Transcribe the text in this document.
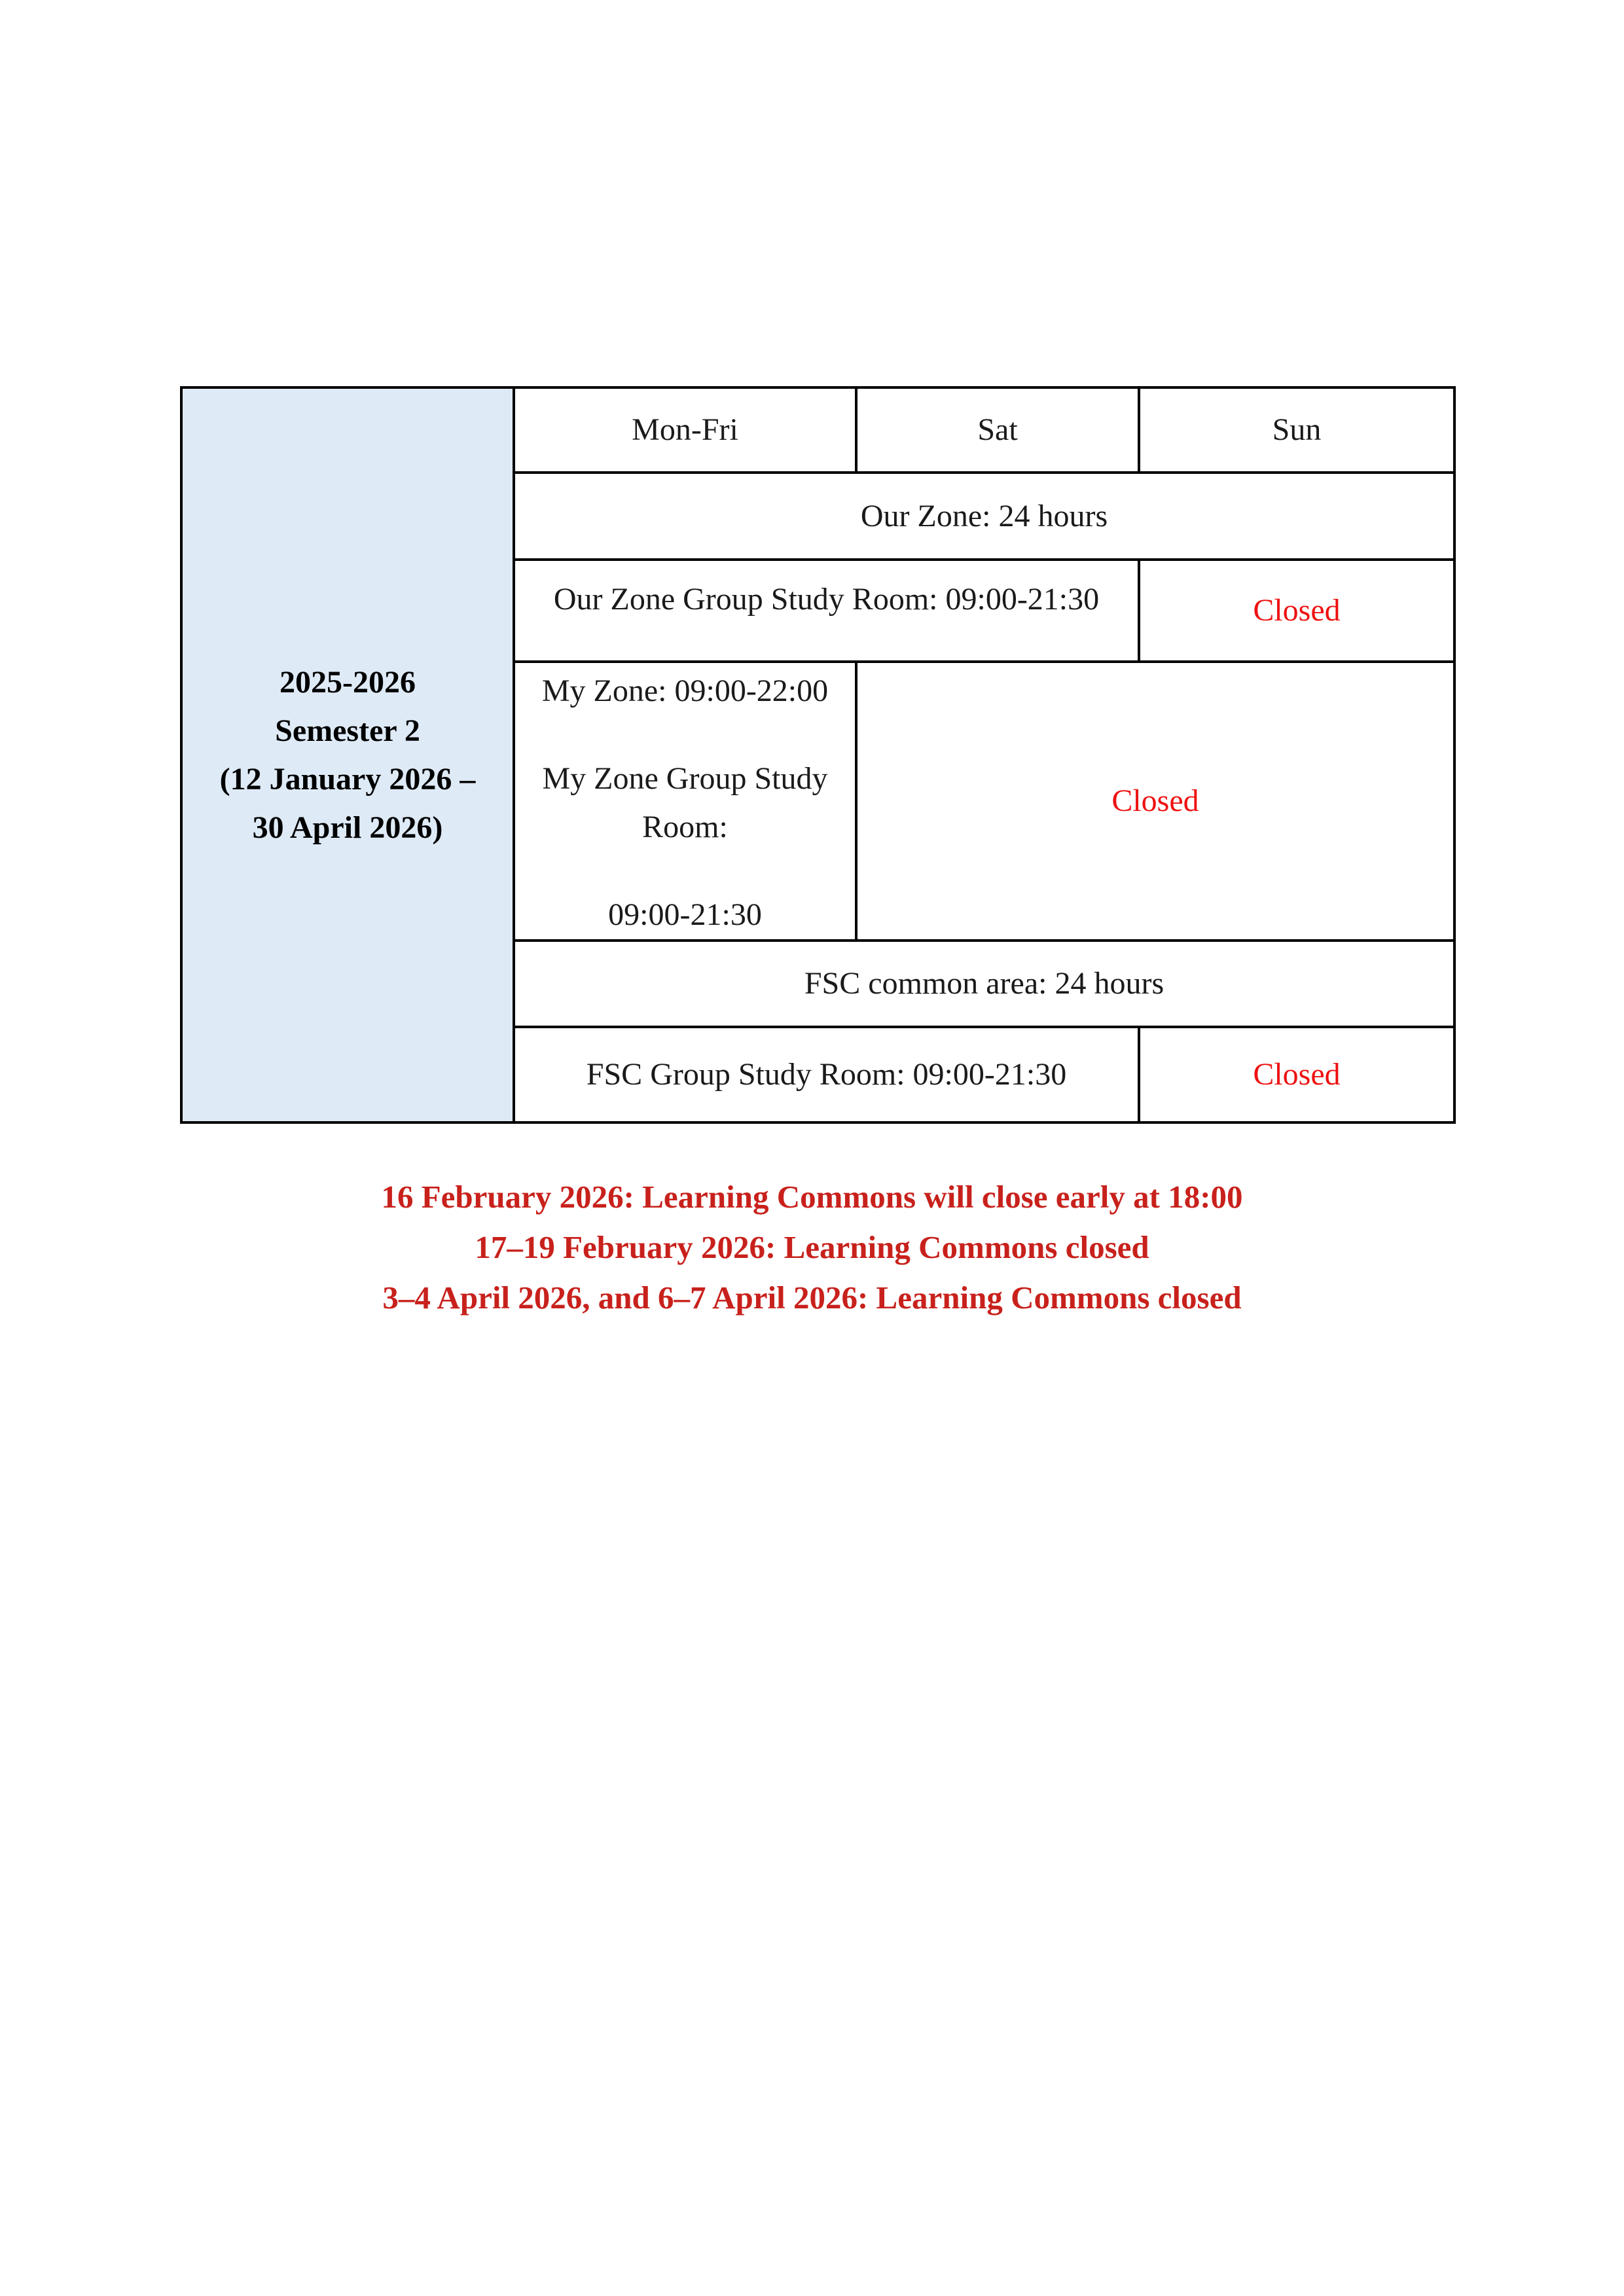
2025-2026
Semester 2
(12 January 2026 –
30 April 2026)	Mon-Fri	Sat	Sun
	Our Zone: 24 hours		
	Our Zone Group Study Room: 09:00-21:30		Closed

	My Zone: 09:00-22:00
My Zone Group Study Room:
09:00-21:30	Closed	
	FSC common area: 24 hours		
	FSC Group Study Room: 09:00-21:30		Closed
16 February 2026: Learning Commons will close early at 18:00
17–19 February 2026: Learning Commons closed
3–4 April 2026, and 6–7 April 2026: Learning Commons closed
